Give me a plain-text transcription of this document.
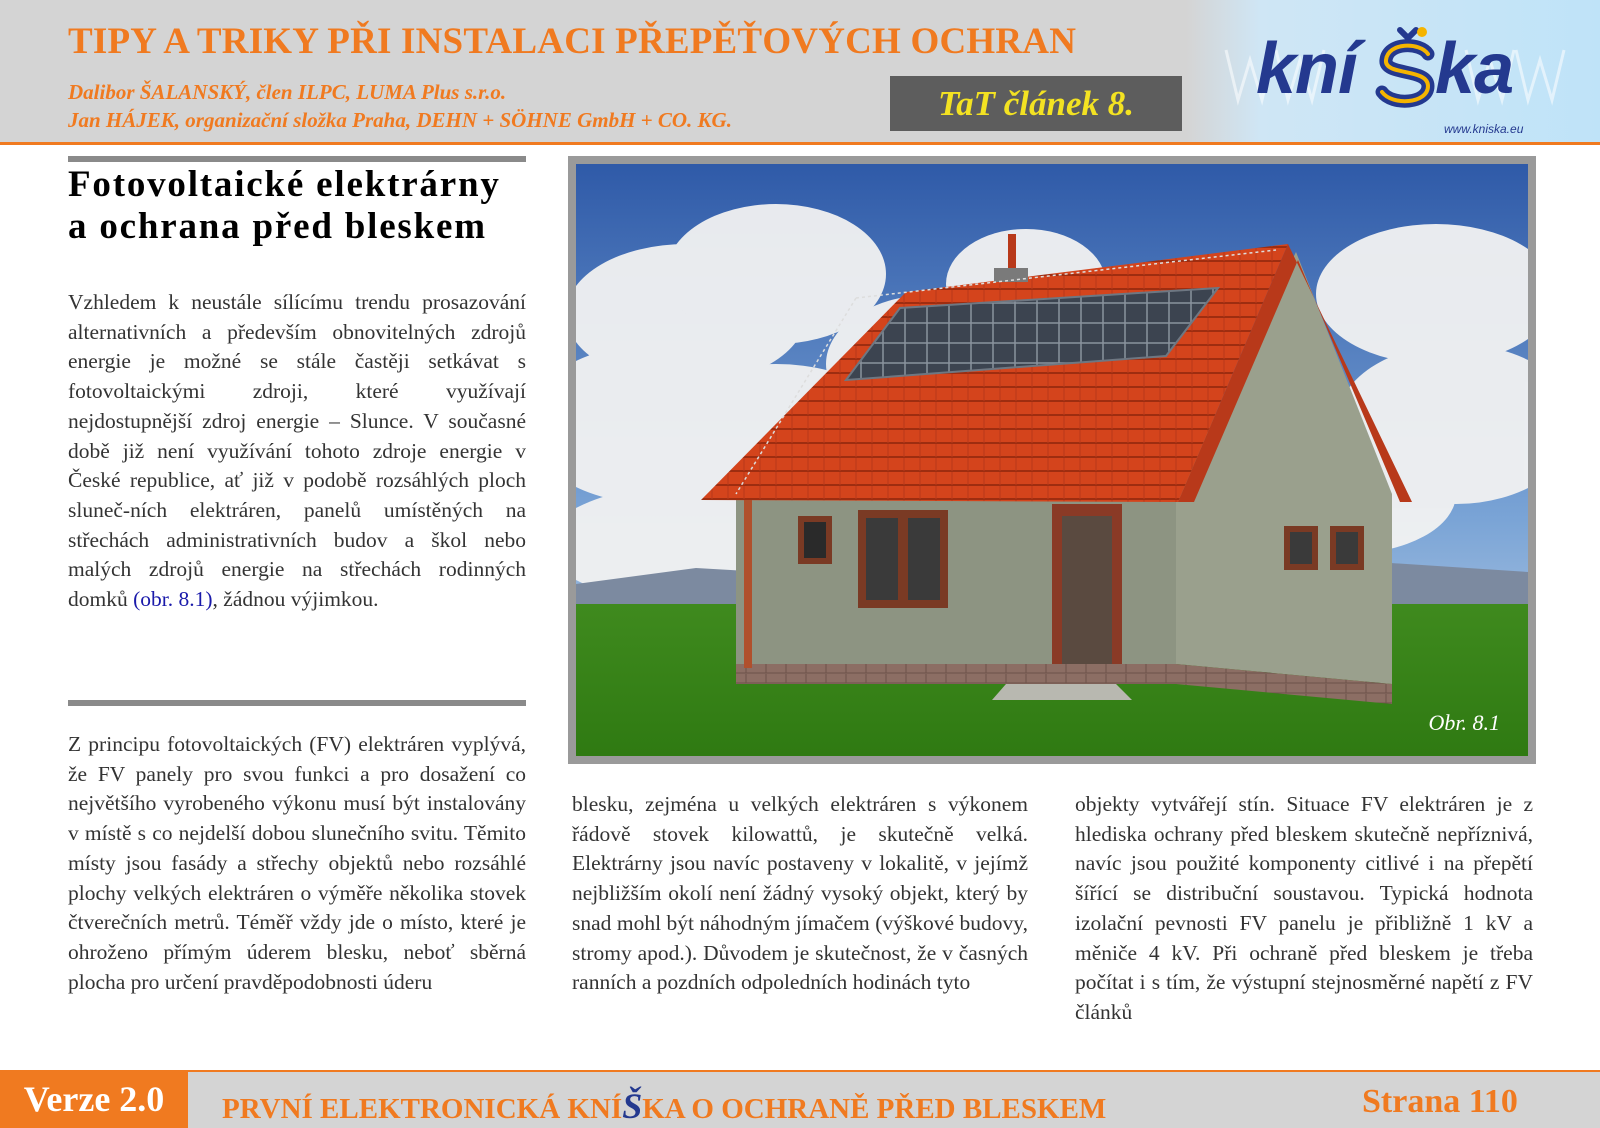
TIPY A TRIKY PŘI INSTALACI PŘEPĚŤOVÝCH OCHRAN
Dalibor ŠALANSKÝ, člen ILPC, LUMA Plus s.r.o.
Jan HÁJEK, organizační složka Praha, DEHN + SÖHNE GmbH + CO. KG.	TaT článek 8.	kní ka
www.kniska.eu
Fotovoltaické elektrárny
a ochrana před bleskem
Vzhledem k neustále sílícímu trendu prosazování alternativních a především obnovitelných zdrojů energie je možné se stále častěji setkávat s fotovoltaickými zdroji, které využívají nejdostupnější zdroj energie – Slunce. V současné době již není využívání tohoto zdroje energie v České republice, ať již v podobě rozsáhlých ploch sluneč-ních elektráren, panelů umístěných na střechách administrativních budov a škol nebo malých zdrojů energie na střechách rodinných domků (obr. 8.1), žádnou výjimkou.
Z principu fotovoltaických (FV) elektráren vyplývá, že FV panely pro svou funkci a pro dosažení co největšího vyrobeného výkonu musí být instalovány v místě s co nejdelší dobou slunečního svitu. Těmito místy jsou fasády a střechy objektů nebo rozsáhlé plochy velkých elektráren o výměře několika stovek čtverečních metrů. Téměř vždy jde o místo, které je ohroženo přímým úderem blesku, neboť sběrná plocha pro určení pravděpodobnosti úderu
blesku, zejména u velkých elektráren s výkonem řádově stovek kilowattů, je skutečně velká. Elektrárny jsou navíc postaveny v lokalitě, v jejímž nejbližším okolí není žádný vysoký objekt, který by snad mohl být náhodným jímačem (výškové budovy, stromy apod.). Důvodem je skutečnost, že v časných ranních a pozdních odpoledních hodinách tyto
objekty vytvářejí stín. Situace FV elektráren je z hlediska ochrany před bleskem skutečně nepříznivá, navíc jsou použité komponenty citlivé i na přepětí šířící se distribuční soustavou. Typická hodnota izolační pevnosti FV panelu je přibližně 1 kV a měniče 4 kV. Při ochraně před bleskem je třeba počítat i s tím, že výstupní stejnosměrné napětí z FV článků
Obr. 8.1
Verze 2.0	PRVNÍ ELEKTRONICKÁ KNÍŠKA O OCHRANĚ PŘED BLESKEM	Strana 110
